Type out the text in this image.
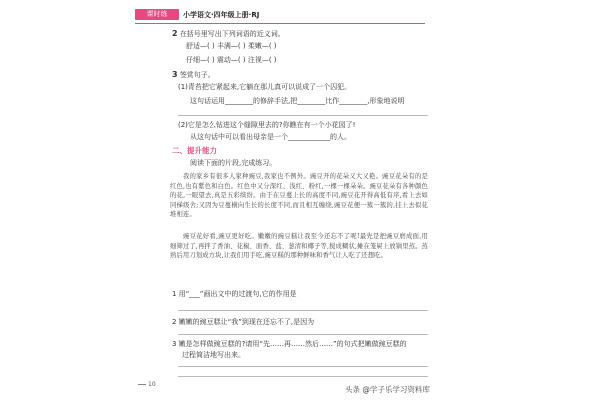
课时练	小学语文·四年级上册·RJ
2 在括号里写出下列词语的近义词。
舒适—( ) 丰满—( ) 柔嫩—( )
仔细—( ) 震动—( ) 注视—( )
3 签赏句子。
(1)青苔把它紧起来,它躺在那儿真可以说成了一个囚犯。
这句话运用________的修辞手法,把________比作________,形象地说明
(2)它是怎么钻进这个缝隙里去的?你瞧在有一个小花园了!
从这句话中可以看出母亲是一个____________的人。
二、提升能力
阅读下面的片段,完成练习。
我的家乡有很多人家种豌豆,我家也不例外。豌豆开的花朵又大又艳。豌豆花朵有的是红色,也有紫色和白色。红色中又分深红、浅红、粉红,一棵一棵朵朵。豌豆花朵有各种颜色的花,一眼望去,真是五彩缤纷。由于在豆蔓上长的高度不同,豌豆花开得高低有序,看上去如同梯级舍;又因为豆蔓横向生长的长度不同,而且相互缠绕,豌豆花便一簇一簇的,挂上去似花堆相连。
豌豆花好看,豌豆更好吃。嫩嫩的豌豆糕让我至今还忘不了呢!最先是把豌豆磨成面,用细筛过了,再拌了香油、花椒、面香、盐、葱清和椰子等,搅成糊状,摊在笼屉上放锅里蒸。蒸熟后用刀划成方块,让我们用手吃,豌豆糕的那种鲜味和香气让人吃了还想吃。
1 用“___”画出文中的过渡句,它的作用是
2 嫩嫩的豌豆糕让“我”到现在还忘不了,是因为
3 嫩是怎样做豌豆糕的?请用“先……再……然后……”的句式把嫩做豌豆糕的
过程简洁地写出来。
10
头条 @学子乐学习资料库
